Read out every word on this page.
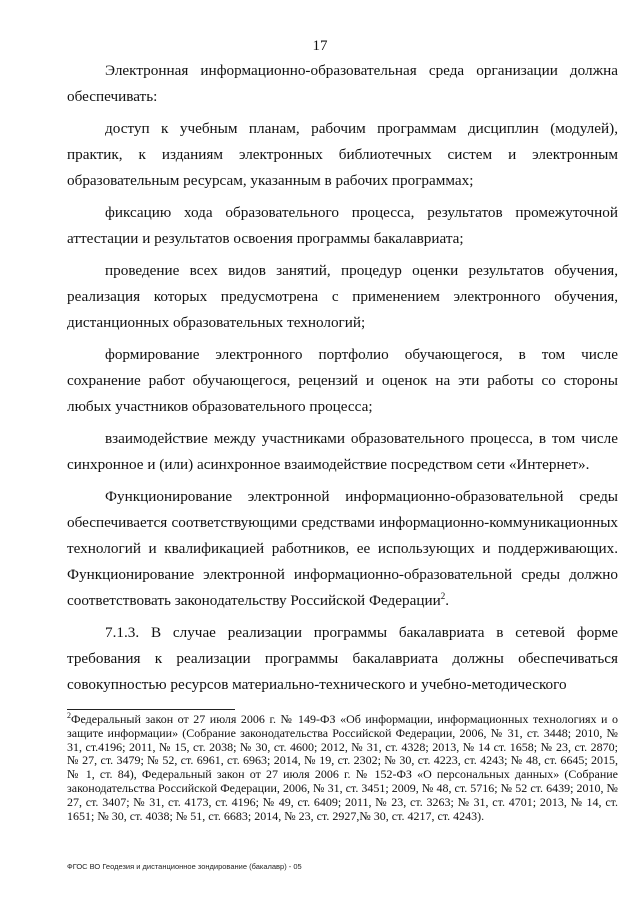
17

Электронная информационно-образовательная среда организации должна обеспечивать:

доступ к учебным планам, рабочим программам дисциплин (модулей), практик, к изданиям электронных библиотечных систем и электронным образовательным ресурсам, указанным в рабочих программах;

фиксацию хода образовательного процесса, результатов промежуточной аттестации и результатов освоения программы бакалавриата;

проведение всех видов занятий, процедур оценки результатов обучения, реализация которых предусмотрена с применением электронного обучения, дистанционных образовательных технологий;

формирование электронного портфолио обучающегося, в том числе сохранение работ обучающегося, рецензий и оценок на эти работы со стороны любых участников образовательного процесса;

взаимодействие между участниками образовательного процесса, в том числе синхронное и (или) асинхронное взаимодействие посредством сети «Интернет».

Функционирование электронной информационно-образовательной среды обеспечивается соответствующими средствами информационно-коммуникационных технологий и квалификацией работников, ее использующих и поддерживающих. Функционирование электронной информационно-образовательной среды должно соответствовать законодательству Российской Федерации$^2$.

7.1.3. В случае реализации программы бакалавриата в сетевой форме требования к реализации программы бакалавриата должны обеспечиваться совокупностью ресурсов материально-технического и учебно-методического

$^2$Федеральный закон от 27 июля 2006 г. № 149-ФЗ «Об информации, информационных технологиях и о защите информации» (Собрание законодательства Российской Федерации, 2006, № 31, ст. 3448; 2010, № 31, ст.4196; 2011, № 15, ст. 2038; № 30, ст. 4600; 2012, № 31, ст. 4328; 2013, № 14 ст. 1658; № 23, ст. 2870; № 27, ст. 3479; № 52, ст. 6961, ст. 6963; 2014, № 19, ст. 2302; № 30, ст. 4223, ст. 4243; № 48, ст. 6645; 2015, № 1, ст. 84), Федеральный закон от 27 июля 2006 г. № 152-ФЗ «О персональных данных» (Собрание законодательства Российской Федерации, 2006, № 31, ст. 3451; 2009, № 48, ст. 5716; № 52 ст. 6439; 2010, № 27, ст. 3407; № 31, ст. 4173, ст. 4196; № 49, ст. 6409; 2011, № 23, ст. 3263; № 31, ст. 4701; 2013, № 14, ст. 1651; № 30, ст. 4038; № 51, ст. 6683; 2014, № 23, ст. 2927,№ 30, ст. 4217, ст. 4243).

ФГОС ВО Геодезия и дистанционное зондирование (бакалавр) - 05
